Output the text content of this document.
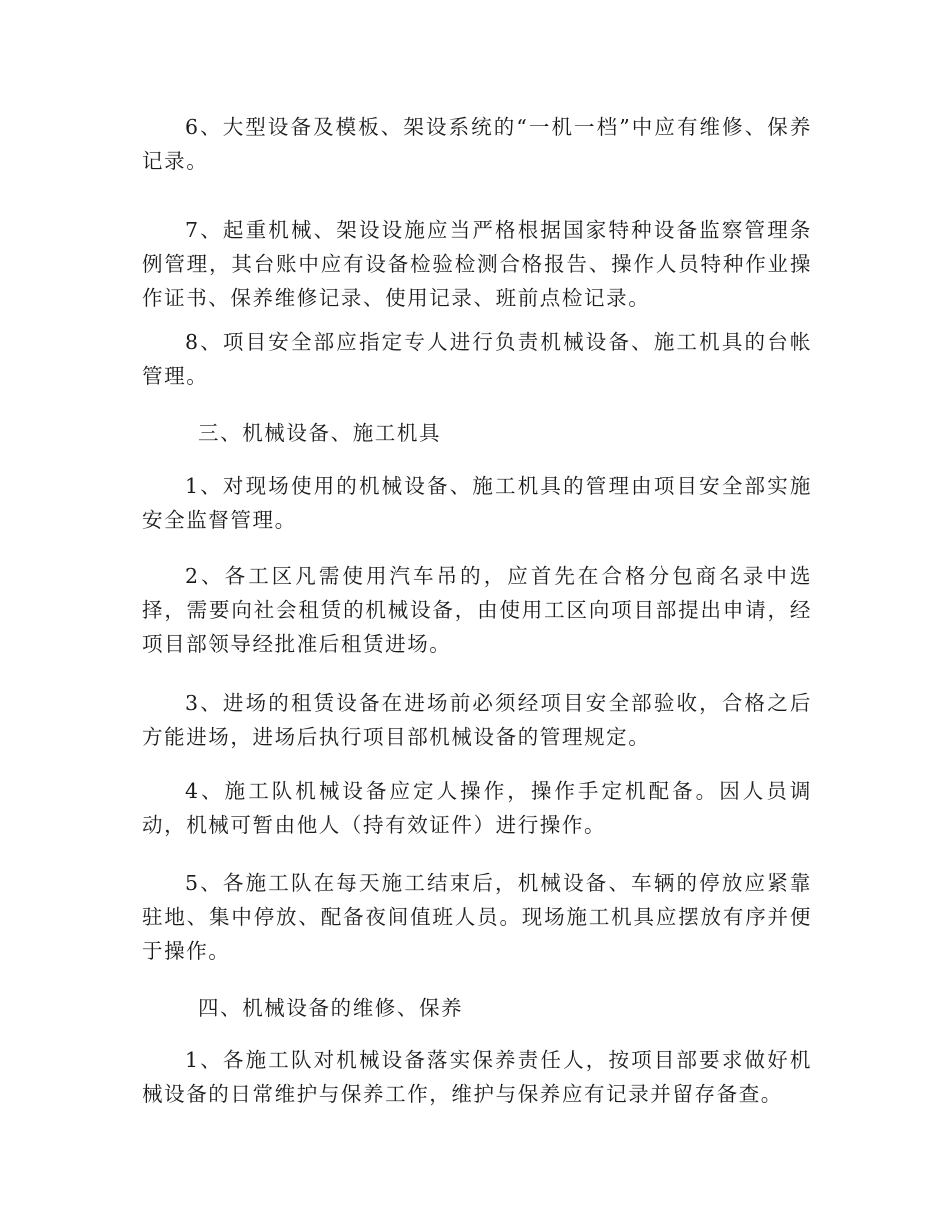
6、大型设备及模板、架设系统的“一机一档”中应有维修、保养记录。

7、起重机械、架设设施应当严格根据国家特种设备监察管理条例管理，其台账中应有设备检验检测合格报告、操作人员特种作业操作证书、保养维修记录、使用记录、班前点检记录。

8、项目安全部应指定专人进行负责机械设备、施工机具的台帐管理。

三、机械设备、施工机具

1、对现场使用的机械设备、施工机具的管理由项目安全部实施安全监督管理。

2、各工区凡需使用汽车吊的，应首先在合格分包商名录中选择，需要向社会租赁的机械设备，由使用工区向项目部提出申请，经项目部领导经批准后租赁进场。

3、进场的租赁设备在进场前必须经项目安全部验收，合格之后方能进场，进场后执行项目部机械设备的管理规定。

4、施工队机械设备应定人操作，操作手定机配备。因人员调动，机械可暂由他人（持有效证件）进行操作。

5、各施工队在每天施工结束后，机械设备、车辆的停放应紧靠驻地、集中停放、配备夜间值班人员。现场施工机具应摆放有序并便于操作。

四、机械设备的维修、保养

1、各施工队对机械设备落实保养责任人，按项目部要求做好机械设备的日常维护与保养工作，维护与保养应有记录并留存备查。
